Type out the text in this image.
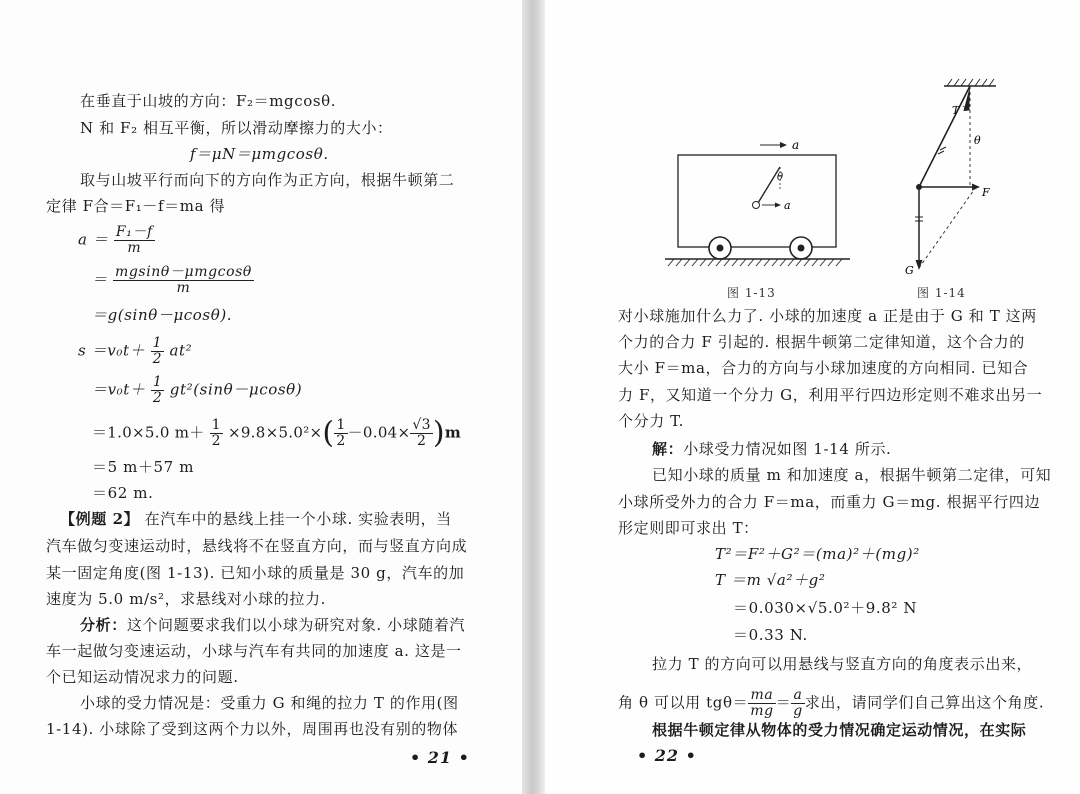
在垂直于山坡的方向：F₂＝mgcosθ.
N 和 F₂ 相互平衡，所以滑动摩擦力的大小：
f＝μN＝μmgcosθ.
取与山坡平行而向下的方向作为正方向，根据牛顿第二
定律 F合＝F₁－f＝ma 得
$a = \frac{\text{F₁－f}}{m}$
＝ $\frac{\text{mgsinθ－μmgcosθ}}{m}$
＝g(sinθ－μcosθ).
$s =v_0t+ \frac{1}{2} at^2$
$=v_0t+ \frac{1}{2} gt^2(\sin\theta-\mu\cos\theta)$
＝1.0×5.0 $m+ \frac{1}{2} \times 9.8\times 5.0^2\times( \frac{1}{2} -0.04\times \frac{√3}{2} )m$
＝5 m＋57 m
＝62 m.
【例题 2】 在汽车中的悬线上挂一个小球. 实验表明，当
汽车做匀变速运动时，悬线将不在竖直方向，而与竖直方向成
某一固定角度(图 1-13). 已知小球的质量是 30 g，汽车的加
速度为 5.0 m/s²，求悬线对小球的拉力.
分析：这个问题要求我们以小球为研究对象. 小球随着汽
车一起做匀变速运动，小球与汽车有共同的加速度 a. 这是一
个已知运动情况求力的问题.
小球的受力情况是：受重力 G 和绳的拉力 T 的作用(图
1-14). 小球除了受到这两个力以外，周围再也没有别的物体
• 21 •
a
θ
a
图 1-13
T
θ
F
G
图 1-14
对小球施加什么力了. 小球的加速度 a 正是由于 G 和 T 这两
个力的合力 F 引起的. 根据牛顿第二定律知道，这个合力的
大小 F＝ma，合力的方向与小球加速度的方向相同. 已知合
力 F，又知道一个分力 G，利用平行四边形定则不难求出另一
个分力 T.
解：小球受力情况如图 1-14 所示.
已知小球的质量 m 和加速度 a，根据牛顿第二定律，可知
小球所受外力的合力 F＝ma，而重力 G＝mg. 根据平行四边
形定则即可求出 T：
T²＝F²＋G²＝(ma)²＋(mg)²
T ＝m √a²＋g²
＝0.030×√5.0²＋9.8² N
＝0.33 N.
拉力 T 的方向可以用悬线与竖直方向的角度表示出来，
角 θ 可以用 $tg\theta= \frac{ma}{mg} = \frac{a}{g}$ 求出，请同学们自己算出这个角度.
根据牛顿定律从物体的受力情况确定运动情况，在实际
• 22 •
